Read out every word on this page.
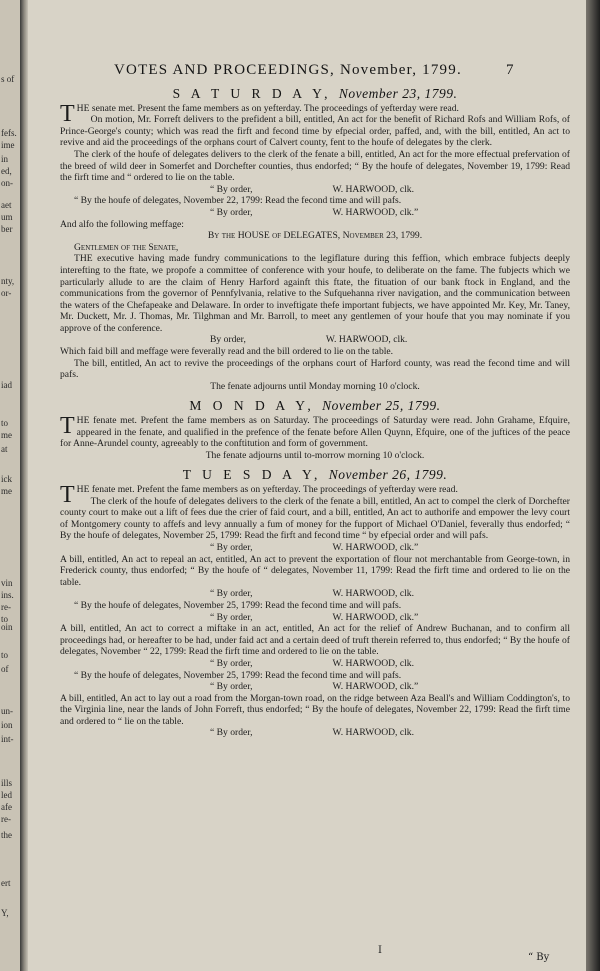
s of
fefs.
ime
in
ed,
on-
aet
um
ber
nty,
or-
iad
to
me
at
ick
me
vin
ins.
re-
to
oin
to
of
un-
ion
int-
ills
led
afe
re-
the
ert
Y,
VOTES AND PROCEEDINGS, November, 1799.	7
S A T U R D A Y, November 23, 1799.

THE senate met. Present the fame members as on yefterday. The proceedings of yefterday were read.

On motion, Mr. Forreft delivers to the prefident a bill, entitled, An act for the benefit of Richard Rofs and William Rofs, of Prince-George's county; which was read the firft and fecond time by efpecial order, paffed, and, with the bill, entitled, An act to revive and aid the proceedings of the orphans court of Calvert county, fent to the houfe of delegates by the clerk.

The clerk of the houfe of delegates delivers to the clerk of the fenate a bill, entitled, An act for the more effectual prefervation of the breed of wild deer in Somerfet and Dorchefter counties, thus endorfed; “ By the houfe of delegates, November 19, 1799: Read the firft time and “ ordered to lie on the table.

“ By order,	W. HARWOOD, clk.

“ By the houfe of delegates, November 22, 1799: Read the fecond time and will pafs.

“ By order,	W. HARWOOD, clk.”

And alfo the following meffage:

By the HOUSE of DELEGATES, November 23, 1799.

Gentlemen of the Senate,

THE executive having made fundry communications to the legiflature during this feffion, which embrace fubjects deeply interefting to the ftate, we propofe a committee of conference with your houfe, to deliberate on the fame. The fubjects which we particularly allude to are the claim of Henry Harford againft this ftate, the fituation of our bank ftock in England, and the communications from the governor of Pennfylvania, relative to the Sufquehanna river navigation, and the communication between the waters of the Chefapeake and Delaware. In order to inveftigate thefe important fubjects, we have appointed Mr. Key, Mr. Taney, Mr. Duckett, Mr. J. Thomas, Mr. Tilghman and Mr. Barroll, to meet any gentlemen of your houfe that you may nominate if you approve of the conference.

By order,	W. HARWOOD, clk.

Which faid bill and meffage were feverally read and the bill ordered to lie on the table.

The bill, entitled, An act to revive the proceedings of the orphans court of Harford county, was read the fecond time and will pafs.

The fenate adjourns until Monday morning 10 o'clock.

M O N D A Y, November 25, 1799.

THE fenate met. Prefent the fame members as on Saturday. The proceedings of Saturday were read. John Grahame, Efquire, appeared in the fenate, and qualified in the prefence of the fenate before Allen Quynn, Efquire, one of the juftices of the peace for Anne-Arundel county, agreeably to the conftitution and form of government.

The fenate adjourns until to-morrow morning 10 o'clock.

T U E S D A Y, November 26, 1799.

THE fenate met. Prefent the fame members as on yefterday. The proceedings of yefterday were read.

The clerk of the houfe of delegates delivers to the clerk of the fenate a bill, entitled, An act to compel the clerk of Dorchefter county court to make out a lift of fees due the crier of faid court, and a bill, entitled, An act to authorife and empower the levy court of Montgomery county to affefs and levy annually a fum of money for the fupport of Michael O'Daniel, feverally thus endorfed; “ By the houfe of delegates, November 25, 1799: Read the firft and fecond time “ by efpecial order and will pafs.

“ By order,	W. HARWOOD, clk.”

A bill, entitled, An act to repeal an act, entitled, An act to prevent the exportation of flour not merchantable from George-town, in Frederick county, thus endorfed; “ By the houfe of “ delegates, November 11, 1799: Read the firft time and ordered to lie on the table.

“ By order,	W. HARWOOD, clk.

“ By the houfe of delegates, November 25, 1799: Read the fecond time and will pafs.

“ By order,	W. HARWOOD, clk.”

A bill, entitled, An act to correct a miftake in an act, entitled, An act for the relief of Andrew Buchanan, and to confirm all proceedings had, or hereafter to be had, under faid act and a certain deed of truft therein referred to, thus endorfed; “ By the houfe of delegates, November “ 22, 1799: Read the firft time and ordered to lie on the table.

“ By order,	W. HARWOOD, clk.

“ By the houfe of delegates, November 25, 1799: Read the fecond time and will pafs.

“ By order,	W. HARWOOD, clk.”

A bill, entitled, An act to lay out a road from the Morgan-town road, on the ridge between Aza Beall's and William Coddington's, to the Virginia line, near the lands of John Forreft, thus endorfed; “ By the houfe of delegates, November 22, 1799: Read the firft time and ordered to “ lie on the table.

“ By order,	W. HARWOOD, clk.

I
“ By
